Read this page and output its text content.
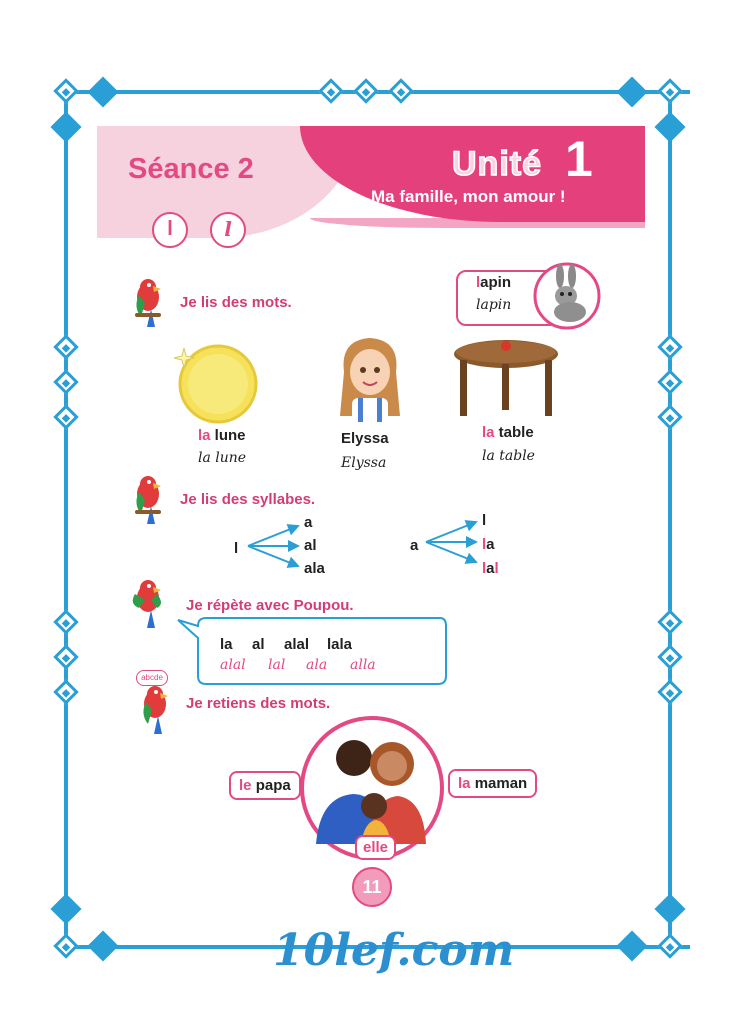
Séance 2	Unité 1
Ma famille, mon amour !
l	l
lapin
lapin
Je lis des mots.
la lune
la lune
Elyssa
Elyssa
la table
la table
Je lis des syllabes.
l
a
al
ala
a
l
la
lal
Je répète avec Poupou.
la al alal lala
alal lal ala alla
abcde
Je retiens des mots.
le papa	la maman
elle
11
10lef.com
